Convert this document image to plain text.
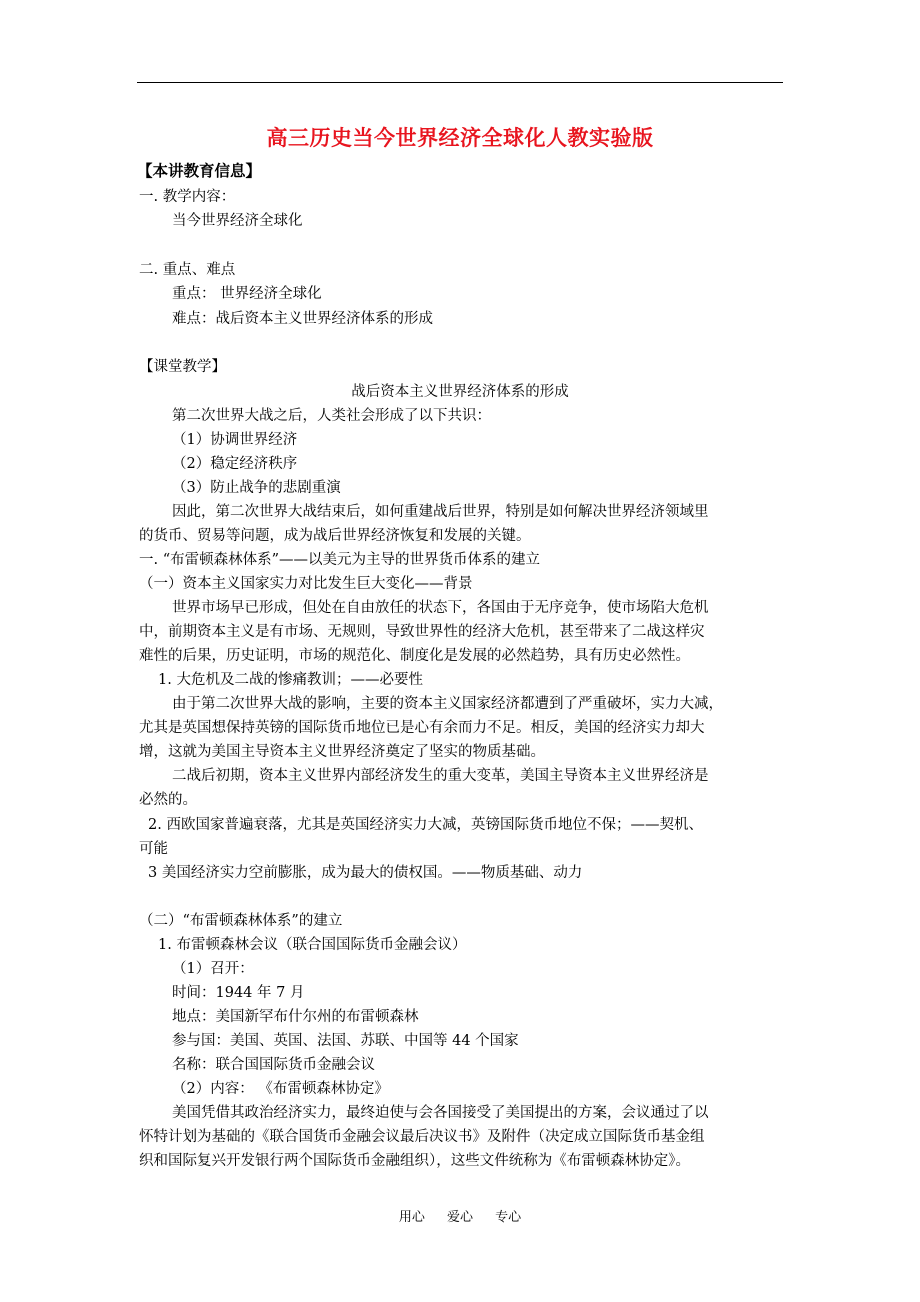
高三历史当今世界经济全球化人教实验版
【本讲教育信息】
一. 教学内容：
当今世界经济全球化
二. 重点、难点
重点： 世界经济全球化
难点：战后资本主义世界经济体系的形成
【课堂教学】
战后资本主义世界经济体系的形成
第二次世界大战之后，人类社会形成了以下共识：
（1）协调世界经济
（2）稳定经济秩序
（3）防止战争的悲剧重演
因此，第二次世界大战结束后，如何重建战后世界，特别是如何解决世界经济领域里
的货币、贸易等问题，成为战后世界经济恢复和发展的关键。
一. “布雷顿森林体系”——以美元为主导的世界货币体系的建立
（一）资本主义国家实力对比发生巨大变化——背景
世界市场早已形成，但处在自由放任的状态下，各国由于无序竞争，使市场陷大危机
中，前期资本主义是有市场、无规则，导致世界性的经济大危机，甚至带来了二战这样灾
难性的后果，历史证明，市场的规范化、制度化是发展的必然趋势，具有历史必然性。
1. 大危机及二战的惨痛教训；——必要性
由于第二次世界大战的影响，主要的资本主义国家经济都遭到了严重破坏，实力大减，
尤其是英国想保持英镑的国际货币地位已是心有余而力不足。相反，美国的经济实力却大
增，这就为美国主导资本主义世界经济奠定了坚实的物质基础。
二战后初期，资本主义世界内部经济发生的重大变革，美国主导资本主义世界经济是
必然的。
2. 西欧国家普遍衰落，尤其是英国经济实力大减，英镑国际货币地位不保；——契机、
可能
3 美国经济实力空前膨胀，成为最大的债权国。——物质基础、动力
（二）“布雷顿森林体系”的建立
1. 布雷顿森林会议（联合国国际货币金融会议）
（1）召开：
时间：1944 年 7 月
地点：美国新罕布什尔州的布雷顿森林
参与国：美国、英国、法国、苏联、中国等 44 个国家
名称：联合国国际货币金融会议
（2）内容： 《布雷顿森林协定》
美国凭借其政治经济实力，最终迫使与会各国接受了美国提出的方案，会议通过了以
怀特计划为基础的《联合国货币金融会议最后决议书》及附件（决定成立国际货币基金组
织和国际复兴开发银行两个国际货币金融组织），这些文件统称为《布雷顿森林协定》。
用心 爱心 专心
